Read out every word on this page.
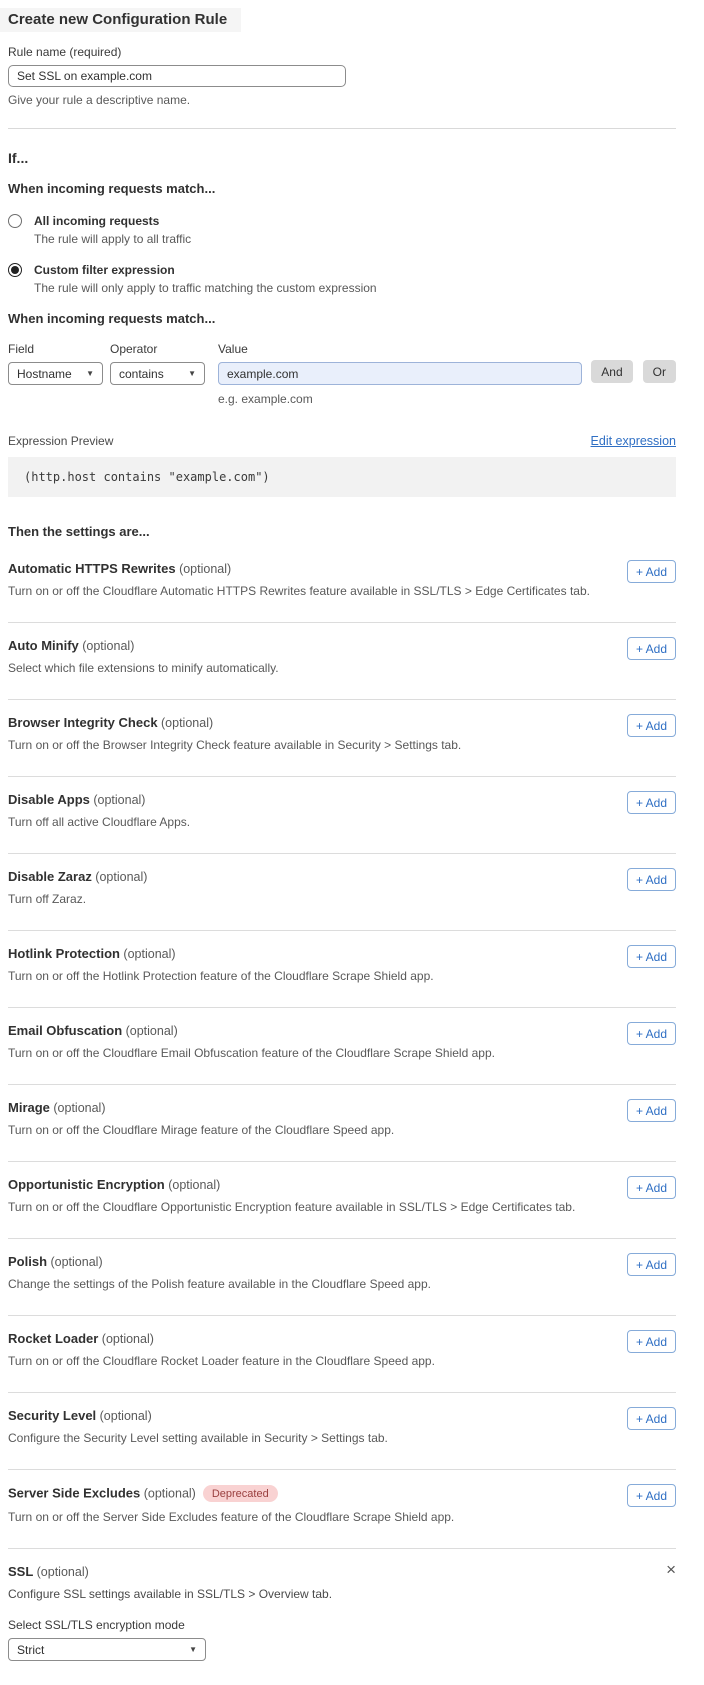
Create new Configuration Rule
Rule name (required)
Set SSL on example.com
Give your rule a descriptive name.
If...
When incoming requests match...
All incoming requests
The rule will apply to all traffic
Custom filter expression
The rule will only apply to traffic matching the custom expression
When incoming requests match...
Field
Hostname ▼
Operator
contains	▼
Value
example.com
e.g. example.com
And	Or
Expression Preview	Edit expression
(http.host contains "example.com")
Then the settings are...
Automatic HTTPS Rewrites (optional)
Turn on or off the Cloudflare Automatic HTTPS Rewrites feature available in SSL/TLS > Edge Certificates tab.
+ Add
Auto Minify (optional)
Select which file extensions to minify automatically.
+ Add
Browser Integrity Check (optional)
Turn on or off the Browser Integrity Check feature available in Security > Settings tab.
+ Add
Disable Apps (optional)
Turn off all active Cloudflare Apps.
+ Add
Disable Zaraz (optional)
Turn off Zaraz.
+ Add
Hotlink Protection (optional)
Turn on or off the Hotlink Protection feature of the Cloudflare Scrape Shield app.
+ Add
Email Obfuscation (optional)
Turn on or off the Cloudflare Email Obfuscation feature of the Cloudflare Scrape Shield app.
+ Add
Mirage (optional)
Turn on or off the Cloudflare Mirage feature of the Cloudflare Speed app.
+ Add
Opportunistic Encryption (optional)
Turn on or off the Cloudflare Opportunistic Encryption feature available in SSL/TLS > Edge Certificates tab.
+ Add
Polish (optional)
Change the settings of the Polish feature available in the Cloudflare Speed app.
+ Add
Rocket Loader (optional)
Turn on or off the Cloudflare Rocket Loader feature in the Cloudflare Speed app.
+ Add
Security Level (optional)
Configure the Security Level setting available in Security > Settings tab.
+ Add
Server Side Excludes (optional) Deprecated
Turn on or off the Server Side Excludes feature of the Cloudflare Scrape Shield app.
+ Add
SSL (optional)	×
Configure SSL settings available in SSL/TLS > Overview tab.
Select SSL/TLS encryption mode
Strict	▼
